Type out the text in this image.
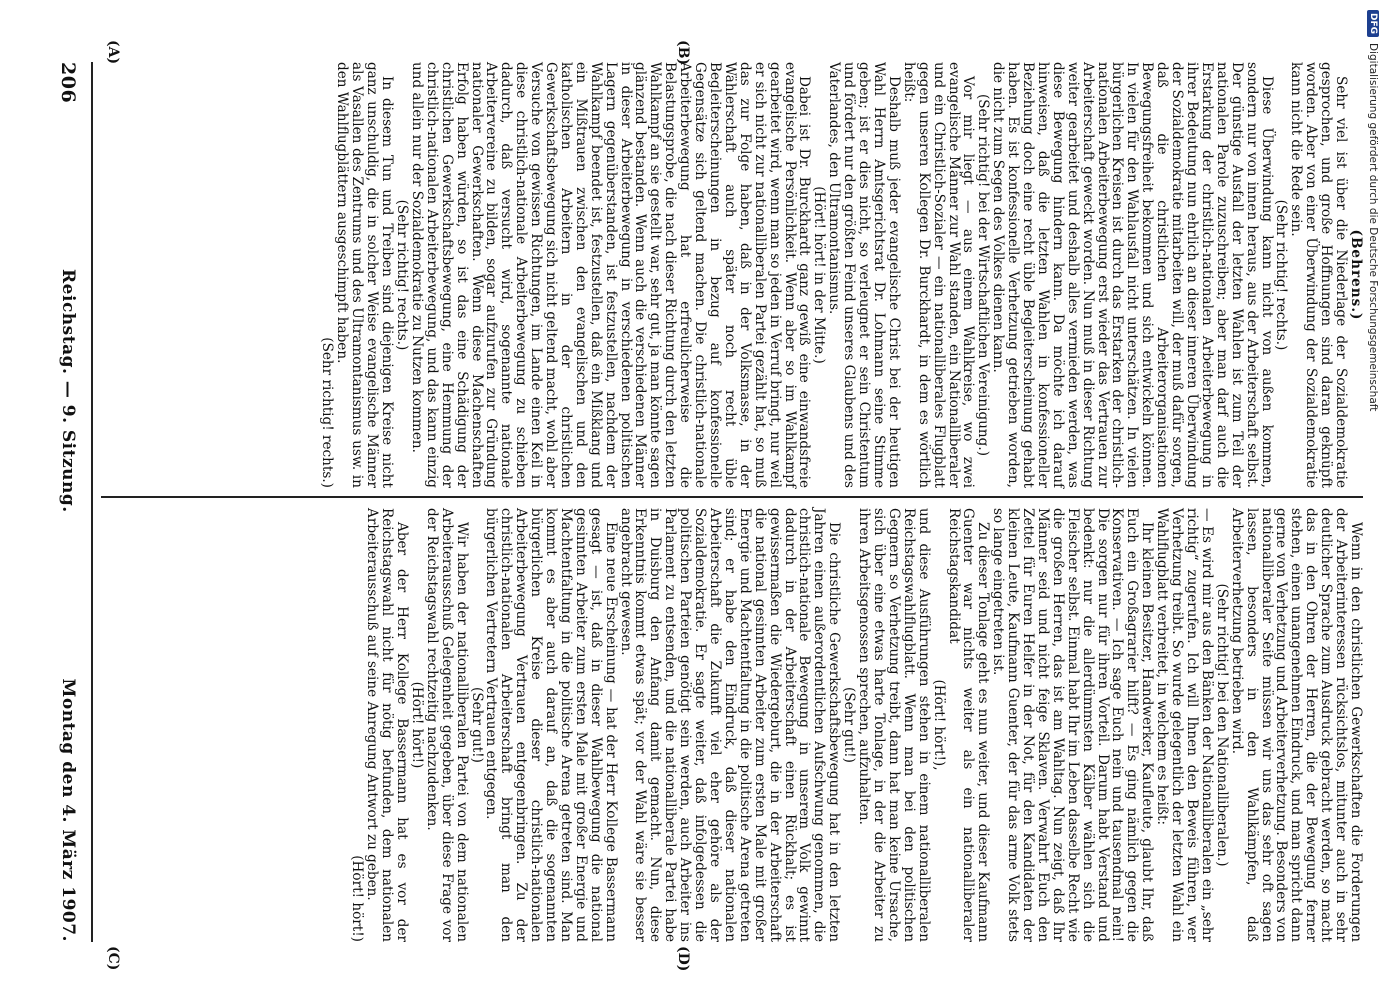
DFG
Digitalisierung gefördert durch die Deutsche Forschungsgemeinschaft

(Behrens.)

Sehr viel ist über die Niederlage der Sozialdemokratie gesprochen, und große Hoffnungen sind daran geknüpft worden. Aber von einer Überwindung der Sozialdemokratie kann nicht die Rede sein.

(Sehr richtig! rechts.)

Diese Überwindung kann nicht von außen kommen, sondern nur von innen heraus, aus der Arbeiterschaft selbst. Der günstige Ausfall der letzten Wahlen ist zum Teil der nationalen Parole zuzuschreiben; aber man darf auch die Erstarkung der christlich-nationalen Arbeiterbewegung in ihrer Bedeutung nun ehrlich an dieser inneren Überwindung der Sozialdemokratie mitarbeiten will, der muß dafür sorgen, daß die christlichen Arbeiterorganisationen Bewegungsfreiheit bekommen und sich entwickeln können. In vielen für den Wahlausfall nicht unterschätzen. In vielen bürgerlichen Kreisen ist durch das Erstarken der christlich-nationalen Arbeiterbewegung erst wieder das Vertrauen zur Arbeiterschaft geweckt worden. Nun muß in dieser Richtung weiter gearbeitet und deshalb alles vermieden werden, was diese Bewegung hindern kann. Da möchte ich darauf hinweisen, daß die letzten Wahlen in konfessioneller Beziehung doch eine recht üble Begleiterscheinung gehabt haben. Es ist konfessionelle Verhetzung getrieben worden, die nicht zum Segen des Volkes dienen kann.

(Sehr richtig! bei der Wirtschaftlichen Vereinigung.)

Vor mir liegt — aus einem Wahlkreise, wo zwei evangelische Männer zur Wahl standen, ein Nationalliberaler und ein Christlich-Sozialer — ein nationalliberales Flugblatt gegen unseren Kollegen Dr. Burckhardt, in dem es wörtlich heißt:

Deshalb muß jeder evangelische Christ bei der heutigen Wahl Herrn Amtsgerichtsrat Dr. Lohmann seine Stimme geben; ist er dies nicht, so verleugnet er sein Christentum und fördert nur den größten Feind unseres Glaubens und des Vaterlandes, den Ultramontanismus.

(Hört! hört! in der Mitte.)

Dabei ist Dr. Burckhardt ganz gewiß eine einwandsfreie evangelische Persönlichkeit. Wenn aber so im Wahlkampf gearbeitet wird, wenn man so jeden in Verruf bringt, nur weil er sich nicht zur nationalliberalen Partei gezählt hat, so muß das zur Folge haben, daß in der Volksmasse, in der Wählerschaft auch später noch recht üble Begleiterscheinungen in bezug auf konfessionelle Gegensätze sich geltend machen. Die christlich-nationale Arbeiterbewegung hat erfreulicherweise die Belastungsprobe, die nach dieser Richtung durch den letzten Wahlkampf an sie gestellt war, sehr gut, ja man könnte sagen glänzend bestanden. Wenn auch die verschiedenen Männer in dieser Arbeiterbewegung in verschiedenen politischen Lagern gegenüberstanden, ist festzustellen, nachdem der Wahlkampf beendet ist, festzustellen, daß ein Mißklang und ein Mißtrauen zwischen den evangelischen und den katholischen Arbeitern in der christlichen Gewerkschaftsbewegung sich nicht geltend macht, wohl aber Versuche von gewissen Richtungen, im Lande einen Keil in diese christlich-nationale Arbeiterbewegung zu schieben dadurch, daß versucht wird, sogenannte nationale Arbeitervereine zu bilden, sogar aufzurufen zur Gründung nationaler Gewerkschaften. Wenn diese Machenschaften Erfolg haben würden, so ist das eine Schädigung der christlichen Gewerkschaftsbewegung, eine Hemmung der christlich-nationalen Arbeiterbewegung, und das kann einzig und allein nur der Sozialdemokratie zu Nutzen kommen.

(Sehr richtig! rechts.)

In diesem Tun und Treiben sind diejenigen Kreise nicht ganz unschuldig, die in solcher Weise evangelische Männer als Vasallen des Zentrums und des Ultramontanismus usw. in den Wahlflugblättern ausgeschimpft haben.

(Sehr richtig! rechts.)

Wenn in den christlichen Gewerkschaften die Forderungen der Arbeiterinteressen rücksichtslos, mitunter auch in sehr deutlicher Sprache zum Ausdruck gebracht werden, so macht das in den Ohren der Herren, die der Bewegung ferner stehen, einen unangenehmen Eindruck, und man spricht dann gerne von Verhetzung und Arbeiterverhetzung. Besonders von nationalliberaler Seite müssen wir uns das sehr oft sagen lassen, besonders in den Wahlkämpfen, daß Arbeiterverhetzung betrieben wird.

(Sehr richtig! bei den Nationalliberalen.)

— Es wird mir aus den Bänken der Nationalliberalen ein „sehr richtig“ zugerufen. Ich will Ihnen den Beweis führen, wer Verhetzung treibt. So wurde gelegentlich der letzten Wahl ein Wahlflugblatt verbreitet, in welchem es heißt:

Ihr kleinen Besitzer, Handwerker, Kaufleute, glaubt Ihr, daß Euch ein Großagrarier hilft? — Es ging nämlich gegen die Konservativen. — Ich sage Euch nein und tausendmal nein! Die sorgen nur für ihren Vorteil. Darum habt Verstand und bedenkt: nur die allerdümmsten Kälber wählen sich die Fleischer selbst. Einmal habt Ihr im Leben dasselbe Recht wie die großen Herren, das ist am Wahltag. Nun zeigt, daß Ihr Männer seid und nicht feige Sklaven. Verwahrt Euch den Zettel für Euren Helfer in der Not, für den Kandidaten der kleinen Leute, Kaufmann Guenter, der für das arme Volk stets so lange eingetreten ist.

Zu dieser Tonlage geht es nun weiter, und dieser Kaufmann Guenter war nichts weiter als ein nationalliberaler Reichstagskandidat

(Hört! hört!),

und diese Ausführungen stehen in einem nationalliberalen Reichstagswahlflugblatt. Wenn man bei den politischen Gegnern so Verhetzung treibt, dann hat man keine Ursache, sich über eine etwas harte Tonlage, in der die Arbeiter zu ihren Arbeitsgenossen sprechen, aufzuhalten.

(Sehr gut!)

Die christliche Gewerkschaftsbewegung hat in den letzten Jahren einen außerordentlichen Aufschwung genommen, die christlich-nationale Bewegung in unserem Volk gewinnt dadurch in der Arbeiterschaft einen Rückhalt; es ist gewissermaßen die Wiedergeburt, die in der Arbeiterschaft die national gesinnten Arbeiter zum ersten Male mit großer Energie und Machtentfaltung in die politische Arena getreten sind; er habe den Eindruck, daß dieser nationalen Arbeiterschaft die Zukunft viel eher gehöre als der Sozialdemokratie. Er sagte weiter, daß infolgedessen die politischen Parteien genötigt sein werden, auch Arbeiter ins Parlament zu entsenden, und die nationalliberale Partei habe in Duisburg den Anfang damit gemacht. Nun, diese Erkenntnis kommt etwas spät; vor der Wahl wäre sie besser angebracht gewesen.

Eine neue Erscheinung — hat der Herr Kollege Bassermann gesagt — ist, daß in dieser Wahlbewegung die national gesinnten Arbeiter zum ersten Male mit großer Energie und Machtentfaltung in die politische Arena getreten sind. Man kommt es aber auch darauf an, daß die sogenannten bürgerlichen Kreise dieser christlich-nationalen Arbeiterbewegung Vertrauen entgegenbringen. Zu der christlich-nationalen Arbeiterschaft bringt man den bürgerlichen Vertretern Vertrauen entgegen.

(Sehr gut!)

Wir haben der nationalliberalen Partei von dem nationalen Arbeiterausschuß Gelegenheit gegeben, über diese Frage vor der Reichstagswahl rechtzeitig nachzudenken.

(Hört! hört!)

Aber der Herr Kollege Bassermann hat es vor der Reichstagswahl nicht für nötig befunden, dem nationalen Arbeiterausschuß auf seine Anregung Antwort zu geben.

(Hört! hört!)

(A)	(B)
(C)	(D)
206
Reichstag. — 9. Sitzung.
Montag den 4. März 1907.
